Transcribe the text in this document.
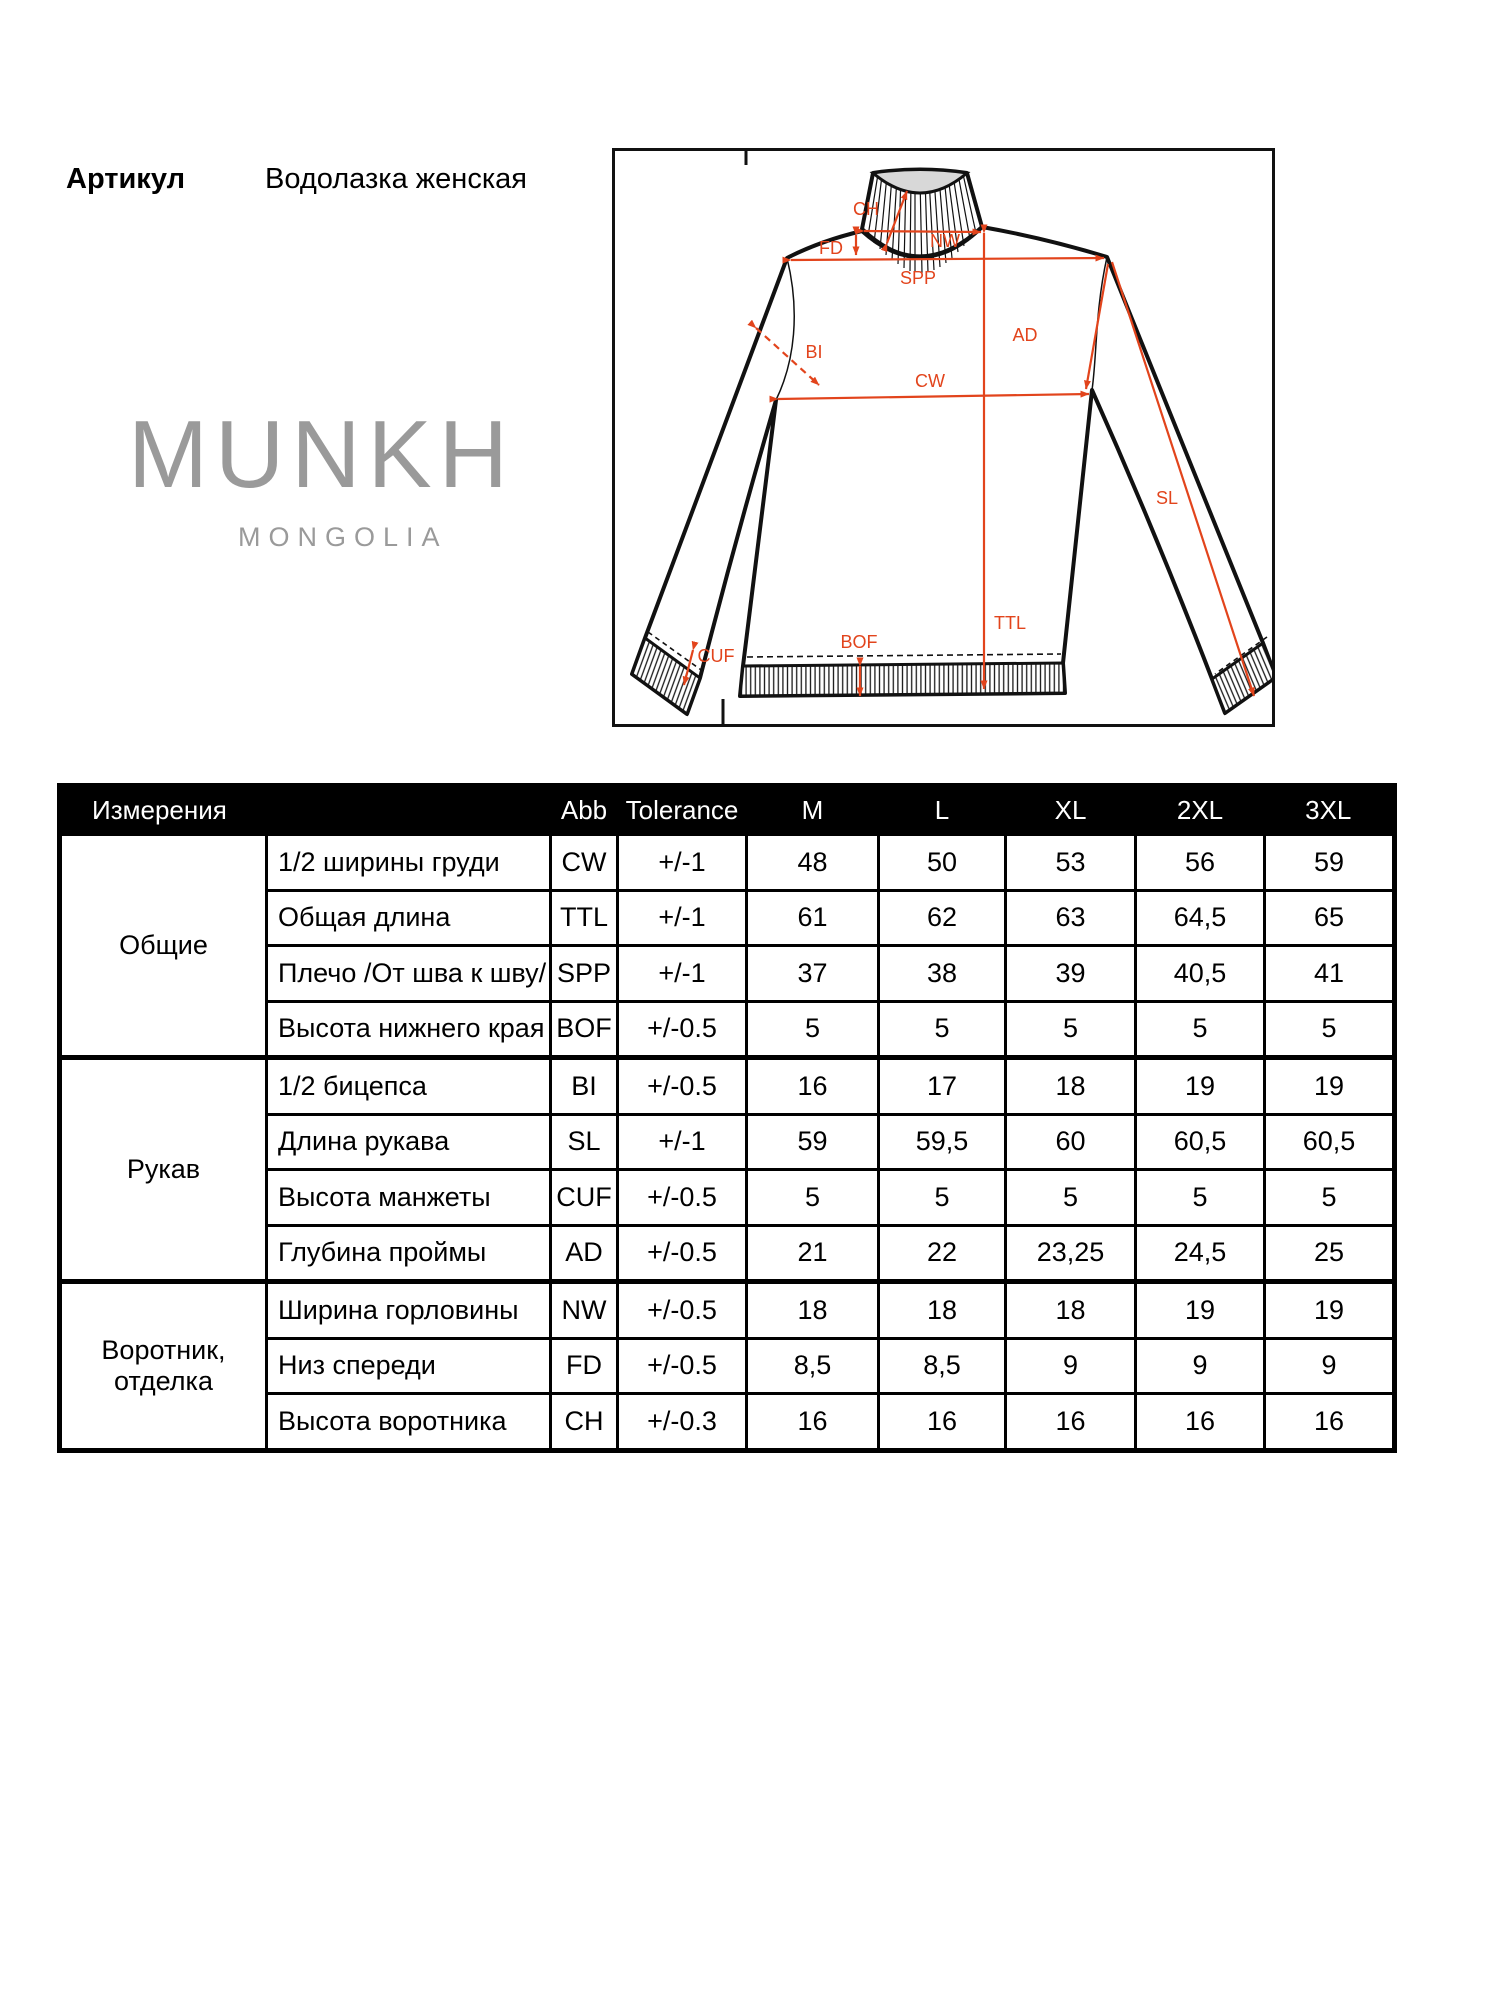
Артикул	Водолазка женская
MUNKH
MONGOLIA
CH
NW
FD
SPP
BI
CW
AD
SL
TTL
CUF
BOF
Измерения		Abb	Tolerance	M	L	XL	2XL	3XL
Общие	1/2 ширины груди	CW	+/-1	48	50	53	56	59
	Общая длина	TTL	+/-1	61	62	63	64,5	65
	Плечо /От шва к шву/	SPP	+/-1	37	38	39	40,5	41
	Высота нижнего края	BOF	+/-0.5	5	5	5	5	5
Рукав	1/2 бицепса	BI	+/-0.5	16	17	18	19	19
	Длина рукава	SL	+/-1	59	59,5	60	60,5	60,5
	Высота манжеты	CUF	+/-0.5	5	5	5	5	5
	Глубина проймы	AD	+/-0.5	21	22	23,25	24,5	25
Воротник, отделка	Ширина горловины	NW	+/-0.5	18	18	18	19	19
	Низ спереди	FD	+/-0.5	8,5	8,5	9	9	9
	Высота воротника	CH	+/-0.3	16	16	16	16	16
